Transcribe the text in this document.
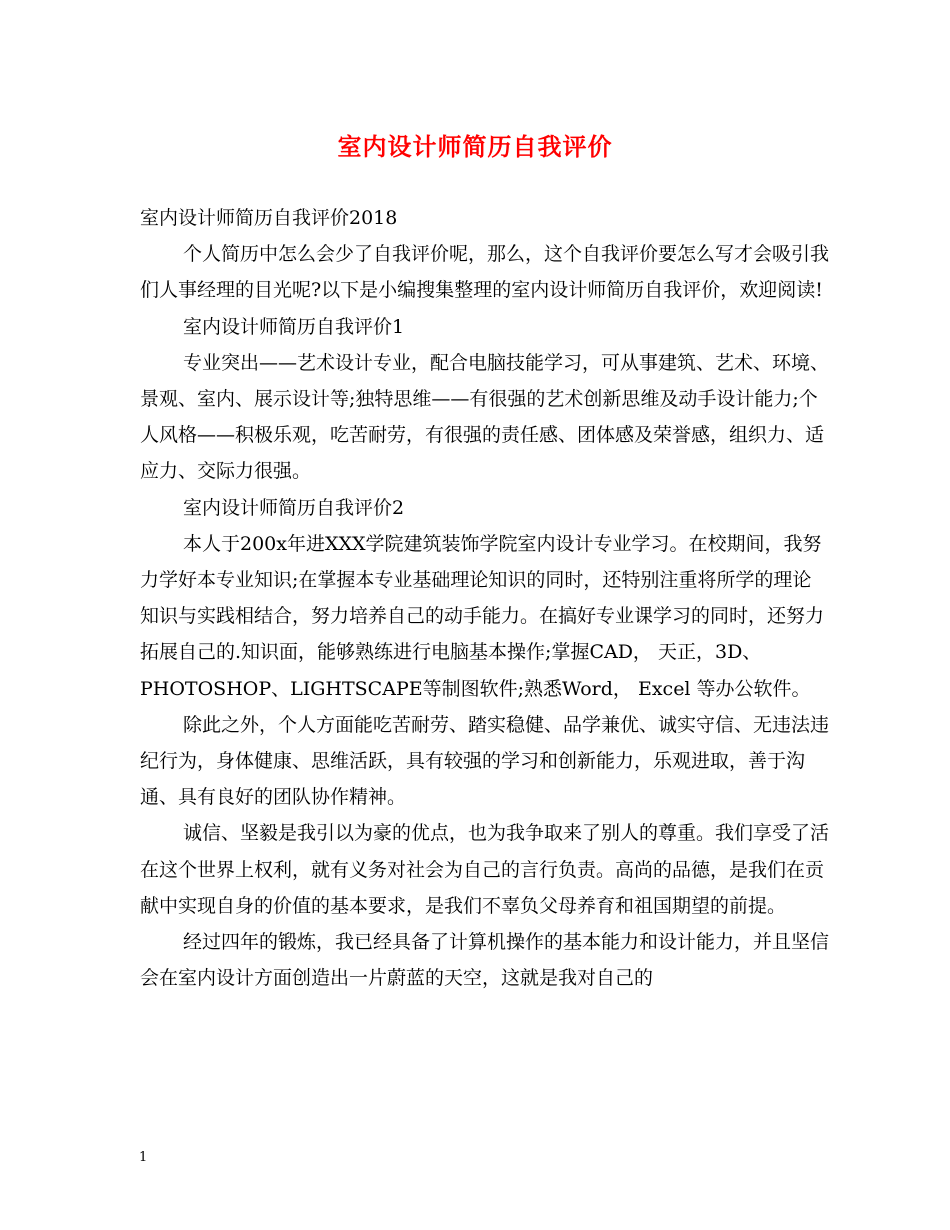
室内设计师简历自我评价

室内设计师简历自我评价2018

个人简历中怎么会少了自我评价呢，那么，这个自我评价要怎么写才会吸引我们人事经理的目光呢?以下是小编搜集整理的室内设计师简历自我评价，欢迎阅读!

室内设计师简历自我评价1

专业突出——艺术设计专业，配合电脑技能学习，可从事建筑、艺术、环境、景观、室内、展示设计等;独特思维——有很强的艺术创新思维及动手设计能力;个人风格——积极乐观，吃苦耐劳，有很强的责任感、团体感及荣誉感，组织力、适应力、交际力很强。

室内设计师简历自我评价2

本人于200x年进XXX学院建筑装饰学院室内设计专业学习。在校期间，我努力学好本专业知识;在掌握本专业基础理论知识的同时，还特别注重将所学的理论知识与实践相结合，努力培养自己的动手能力。在搞好专业课学习的同时，还努力拓展自己的.知识面，能够熟练进行电脑基本操作;掌握CAD， 天正，3D、PHOTOSHOP、LIGHTSCAPE等制图软件;熟悉Word， Excel 等办公软件。

除此之外，个人方面能吃苦耐劳、踏实稳健、品学兼优、诚实守信、无违法违纪行为，身体健康、思维活跃，具有较强的学习和创新能力，乐观进取，善于沟通、具有良好的团队协作精神。

诚信、坚毅是我引以为豪的优点，也为我争取来了别人的尊重。我们享受了活在这个世界上权利，就有义务对社会为自己的言行负责。高尚的品德，是我们在贡献中实现自身的价值的基本要求，是我们不辜负父母养育和祖国期望的前提。

经过四年的锻炼，我已经具备了计算机操作的基本能力和设计能力，并且坚信会在室内设计方面创造出一片蔚蓝的天空，这就是我对自己的

1
